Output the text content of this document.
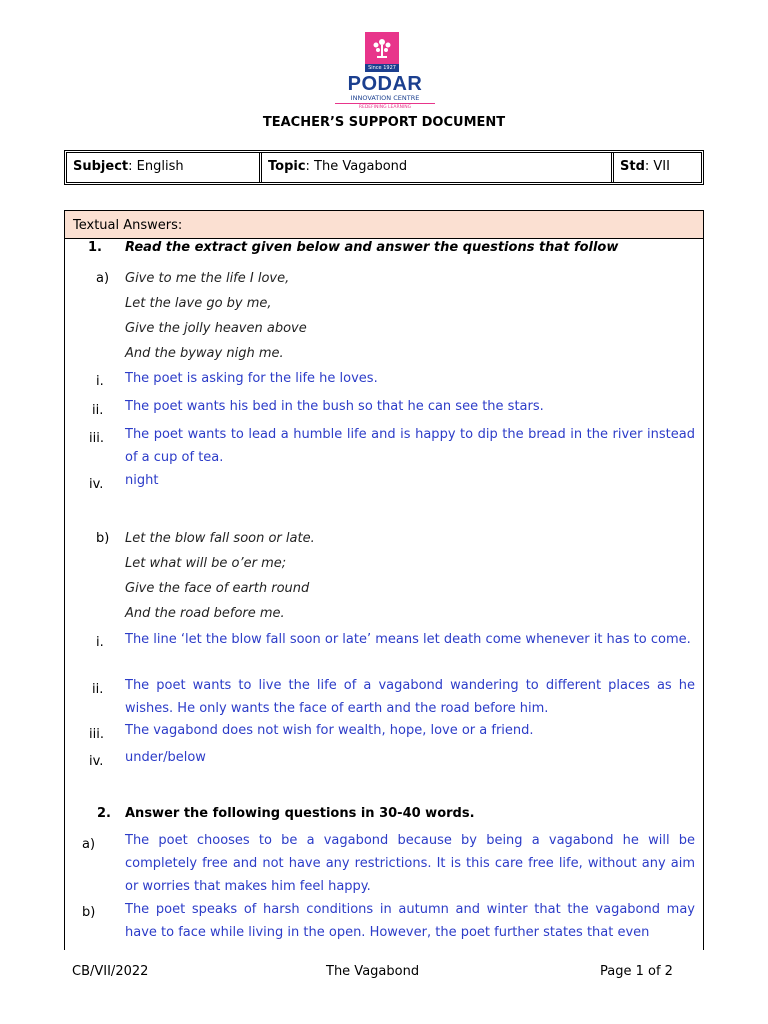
Since 1927
PODAR
INNOVATION CENTRE
REDEFINING LEARNING
TEACHER’S SUPPORT DOCUMENT
Subject: English	Topic: The Vagabond	Std: VII
Textual Answers:
1. Read the extract given below and answer the questions that follow
a) Give to me the life I love,
Let the lave go by me,
Give the jolly heaven above
And the byway nigh me.
i. The poet is asking for the life he loves.
ii. The poet wants his bed in the bush so that he can see the stars.
iii. The poet wants to lead a humble life and is happy to dip the bread in the river instead of a cup of tea.
iv. night
b) Let the blow fall soon or late.
Let what will be o’er me;
Give the face of earth round
And the road before me.
i. The line ‘let the blow fall soon or late’ means let death come whenever it has to come.
ii. The poet wants to live the life of a vagabond wandering to different places as he wishes. He only wants the face of earth and the road before him.
iii. The vagabond does not wish for wealth, hope, love or a friend.
iv. under/below
2. Answer the following questions in 30-40 words.
a) The poet chooses to be a vagabond because by being a vagabond he will be completely free and not have any restrictions. It is this care free life, without any aim or worries that makes him feel happy.
b) The poet speaks of harsh conditions in autumn and winter that the vagabond may have to face while living in the open. However, the poet further states that even
CB/VII/2022	The Vagabond	Page 1 of 2
